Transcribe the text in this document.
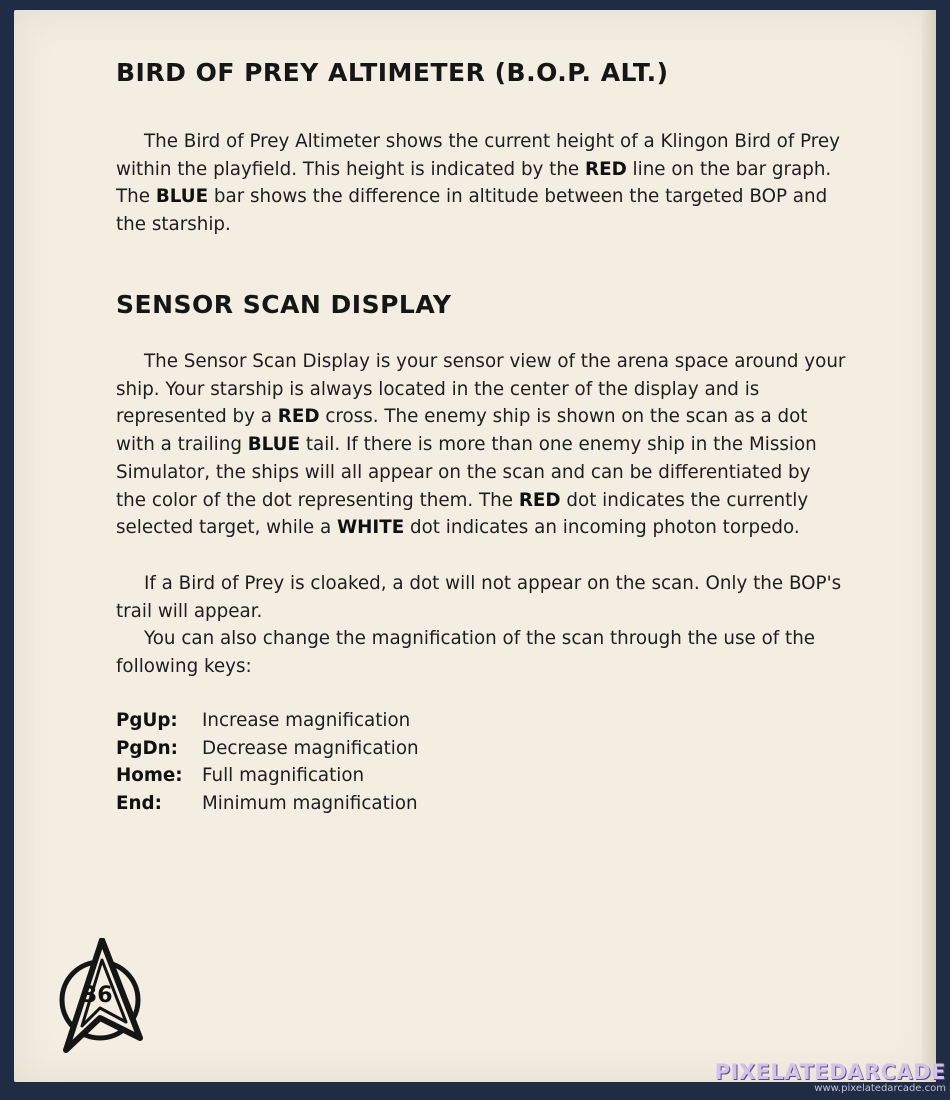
BIRD OF PREY ALTIMETER (B.O.P. ALT.)

The Bird of Prey Altimeter shows the current height of a Klingon Bird of Prey within the playfield. This height is indicated by the RED line on the bar graph. The BLUE bar shows the difference in altitude between the targeted BOP and the starship.

SENSOR SCAN DISPLAY

The Sensor Scan Display is your sensor view of the arena space around your ship. Your starship is always located in the center of the display and is represented by a RED cross. The enemy ship is shown on the scan as a dot with a trailing BLUE tail. If there is more than one enemy ship in the Mission Simulator, the ships will all appear on the scan and can be differentiated by the color of the dot representing them. The RED dot indicates the currently selected target, while a WHITE dot indicates an incoming photon torpedo.

If a Bird of Prey is cloaked, a dot will not appear on the scan. Only the BOP's trail will appear.

You can also change the magnification of the scan through the use of the following keys:

PgUp:	Increase magnification
PgDn:	Decrease magnification
Home:	Full magnification
End:	Minimum magnification
36
PIXELATEDARCADE
www.pixelatedarcade.com
